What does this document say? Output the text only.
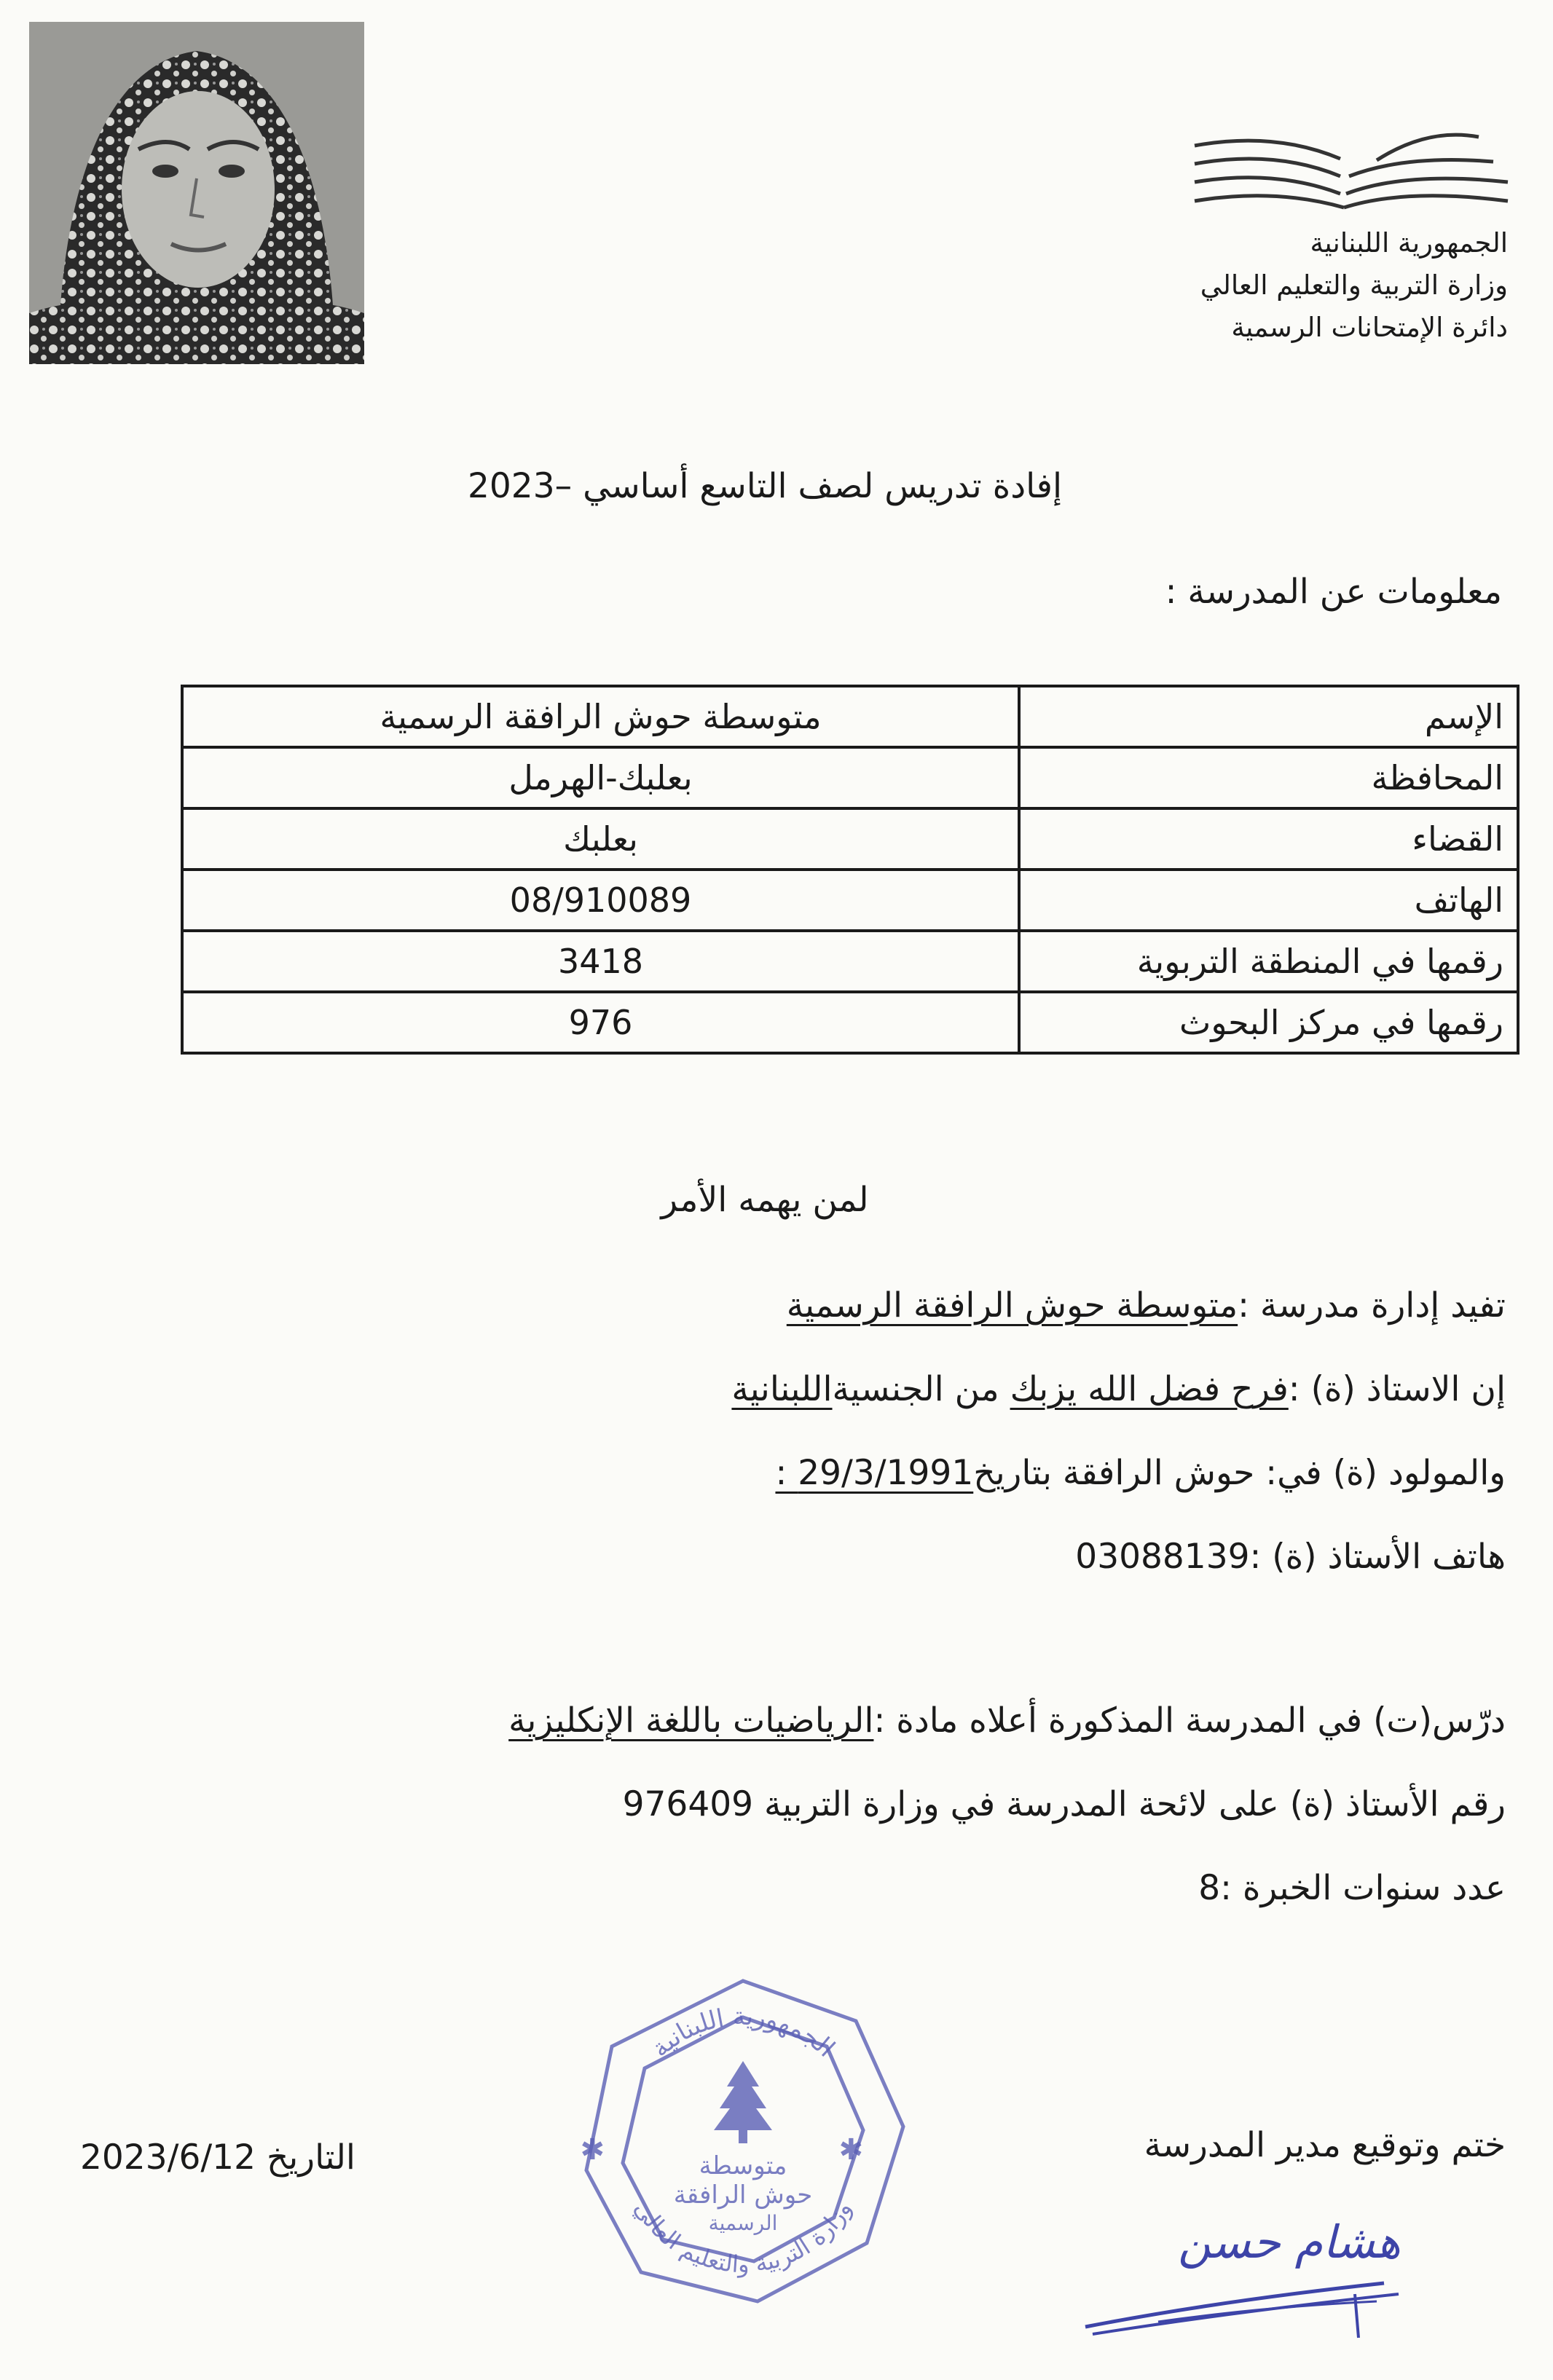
الجمهورية اللبنانية
وزارة التربية والتعليم العالي
دائرة الإمتحانات الرسمية
إفادة تدريس لصف التاسع أساسي –2023
معلومات عن المدرسة :
الإسم	متوسطة حوش الرافقة الرسمية
المحافظة	بعلبك-الهرمل
القضاء	بعلبك
الهاتف	08/910089
رقمها في المنطقة التربوية	3418
رقمها في مركز البحوث	976
لمن يهمه الأمر
تفيد إدارة مدرسة :متوسطة حوش الرافقة الرسمية
إن الاستاذ (ة) :فرح فضل الله يزبك من الجنسيةاللبنانية
والمولود (ة) في: حوش الرافقة بتاريخ29/3/1991 :
هاتف الأستاذ (ة) :03088139
درّس(ت) في المدرسة المذكورة أعلاه مادة :الرياضيات باللغة الإنكليزية
رقم الأستاذ (ة) على لائحة المدرسة في وزارة التربية 976409
عدد سنوات الخبرة :8
الجمهورية اللبنانية
وزارة التربية والتعليم العالي
متوسطة
حوش الرافقة
الرسمية
✱	✱
التاريخ 2023/6/12	ختم وتوقيع مدير المدرسة
هشام حسن
